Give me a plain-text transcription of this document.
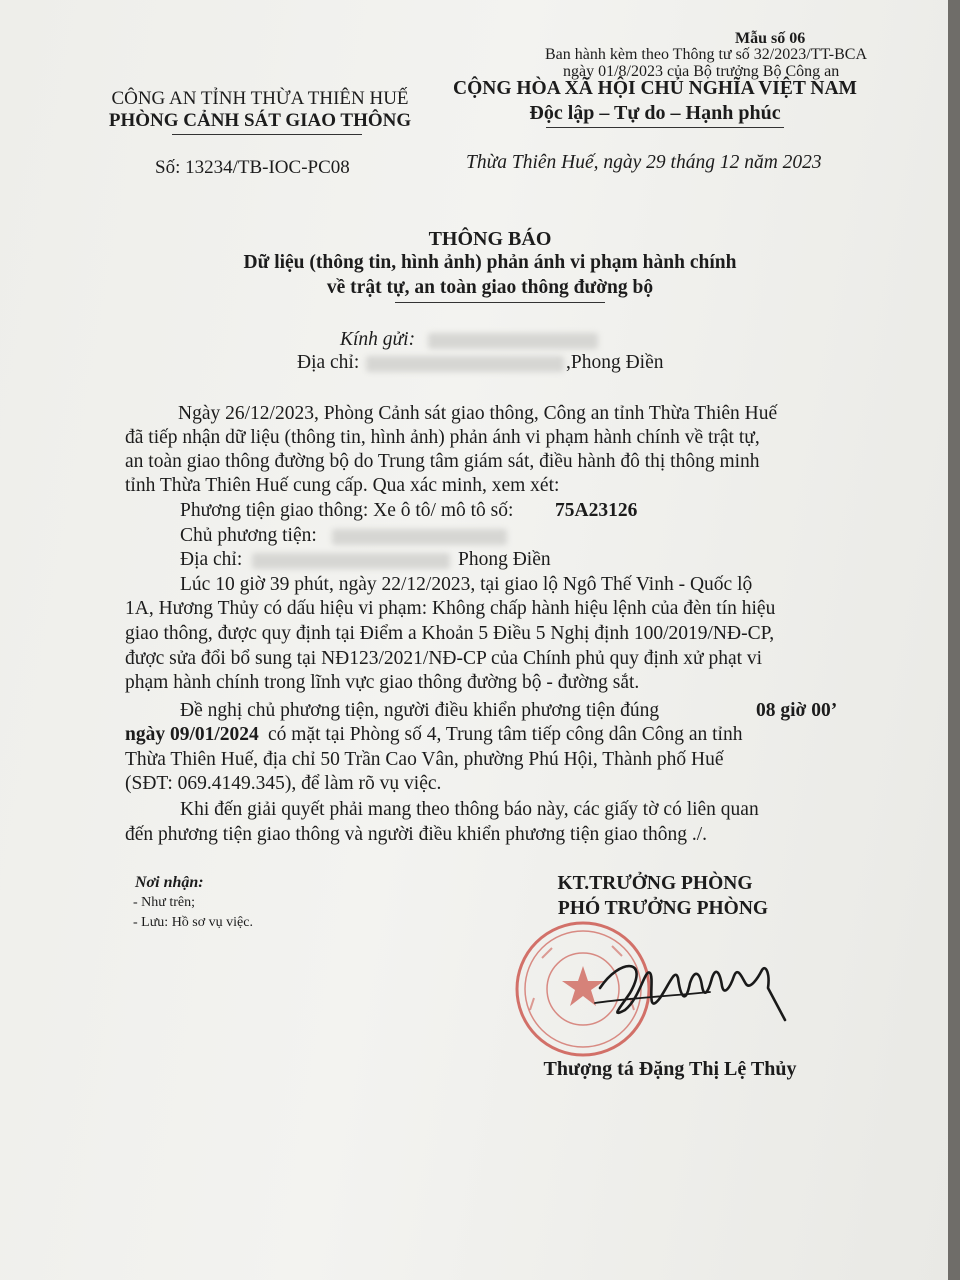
Mẫu số 06
Ban hành kèm theo Thông tư số 32/2023/TT-BCA
ngày 01/8/2023 của Bộ trưởng Bộ Công an
CÔNG AN TỈNH THỪA THIÊN HUẾ
PHÒNG CẢNH SÁT GIAO THÔNG
Số: 13234/TB-IOC-PC08
CỘNG HÒA XÃ HỘI CHỦ NGHĨA VIỆT NAM
Độc lập – Tự do – Hạnh phúc
Thừa Thiên Huế, ngày 29 tháng 12 năm 2023
THÔNG BÁO
Dữ liệu (thông tin, hình ảnh) phản ánh vi phạm hành chính
về trật tự, an toàn giao thông đường bộ
Kính gửi:
Địa chỉ:	,Phong Điền
Ngày 26/12/2023, Phòng Cảnh sát giao thông, Công an tỉnh Thừa Thiên Huế
đã tiếp nhận dữ liệu (thông tin, hình ảnh) phản ánh vi phạm hành chính về trật tự,
an toàn giao thông đường bộ do Trung tâm giám sát, điều hành đô thị thông minh
tỉnh Thừa Thiên Huế cung cấp. Qua xác minh, xem xét:
Phương tiện giao thông: Xe ô tô/ mô tô số: 75A23126
Chủ phương tiện:
Địa chỉ:	Phong Điền
Lúc 10 giờ 39 phút, ngày 22/12/2023, tại giao lộ Ngô Thế Vinh - Quốc lộ
1A, Hương Thủy có dấu hiệu vi phạm: Không chấp hành hiệu lệnh của đèn tín hiệu
giao thông, được quy định tại Điểm a Khoản 5 Điều 5 Nghị định 100/2019/NĐ-CP,
được sửa đổi bổ sung tại NĐ123/2021/NĐ-CP của Chính phủ quy định xử phạt vi
phạm hành chính trong lĩnh vực giao thông đường bộ - đường sắt.
Đề nghị chủ phương tiện, người điều khiển phương tiện đúng	08 giờ 00’
ngày 09/01/2024 có mặt tại Phòng số 4, Trung tâm tiếp công dân Công an tỉnh
Thừa Thiên Huế, địa chỉ 50 Trần Cao Vân, phường Phú Hội, Thành phố Huế
(SĐT: 069.4149.345), để làm rõ vụ việc.
Khi đến giải quyết phải mang theo thông báo này, các giấy tờ có liên quan
đến phương tiện giao thông và người điều khiển phương tiện giao thông ./.
Nơi nhận:
- Như trên;
- Lưu: Hồ sơ vụ việc.
KT.TRƯỞNG PHÒNG
PHÓ TRƯỞNG PHÒNG
Thượng tá Đặng Thị Lệ Thủy
